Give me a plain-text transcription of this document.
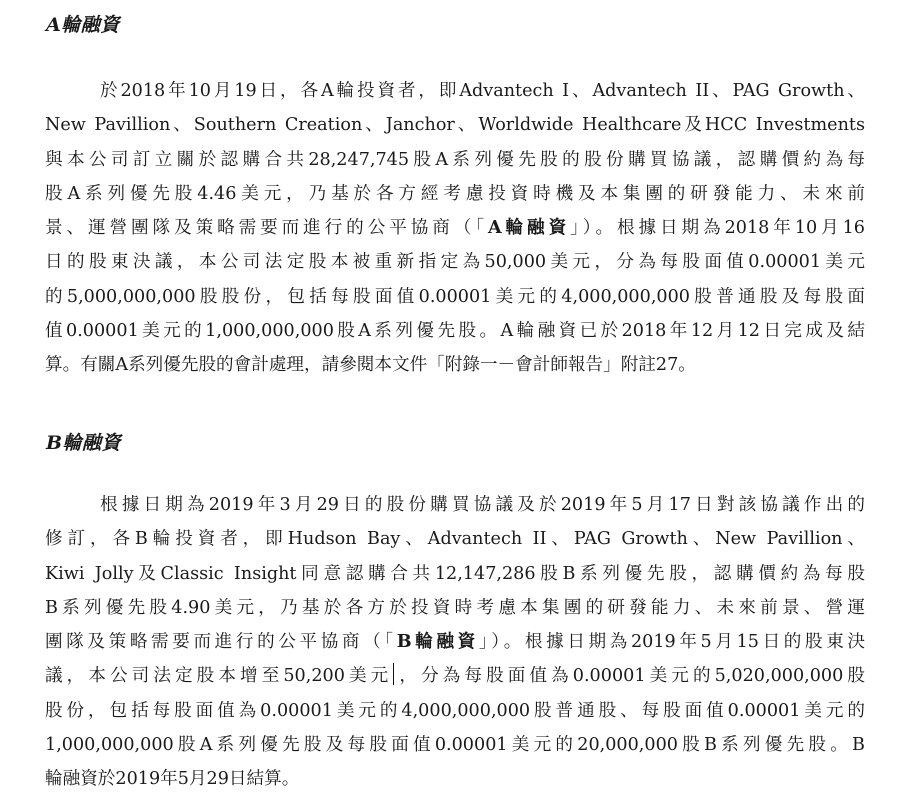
A輪融資
於2018年10月19日，各A輪投資者，即Advantech I、Advantech II、PAG Growth、
New Pavillion、Southern Creation、Janchor、Worldwide Healthcare及HCC Investments
與本公司訂立關於認購合共28,247,745股A系列優先股的股份購買協議，認購價約為每
股A系列優先股4.46美元，乃基於各方經考慮投資時機及本集團的研發能力、未來前
景、運營團隊及策略需要而進行的公平協商（「A輪融資」）。根據日期為2018年10月16
日的股東決議，本公司法定股本被重新指定為50,000美元，分為每股面值0.00001美元
的5,000,000,000股股份，包括每股面值0.00001美元的4,000,000,000股普通股及每股面
值0.00001美元的1,000,000,000股A系列優先股。A輪融資已於2018年12月12日完成及結
算。有關A系列優先股的會計處理，請參閱本文件「附錄一－會計師報告」附註27。
B輪融資
根據日期為2019年3月29日的股份購買協議及於2019年5月17日對該協議作出的
修訂，各B輪投資者，即Hudson Bay、Advantech II、PAG Growth、New Pavillion、
Kiwi Jolly及Classic Insight同意認購合共12,147,286股B系列優先股，認購價約為每股
B系列優先股4.90美元，乃基於各方於投資時考慮本集團的研發能力、未來前景、營運
團隊及策略需要而進行的公平協商（「B輪融資」）。根據日期為2019年5月15日的股東決
議，本公司法定股本增至50,200美元 ，分為每股面值為0.00001美元的5,020,000,000股
股份，包括每股面值為0.00001美元的4,000,000,000股普通股、每股面值0.00001美元的
1,000,000,000股A系列優先股及每股面值0.00001美元的20,000,000股B系列優先股。B
輪融資於2019年5月29日結算。
